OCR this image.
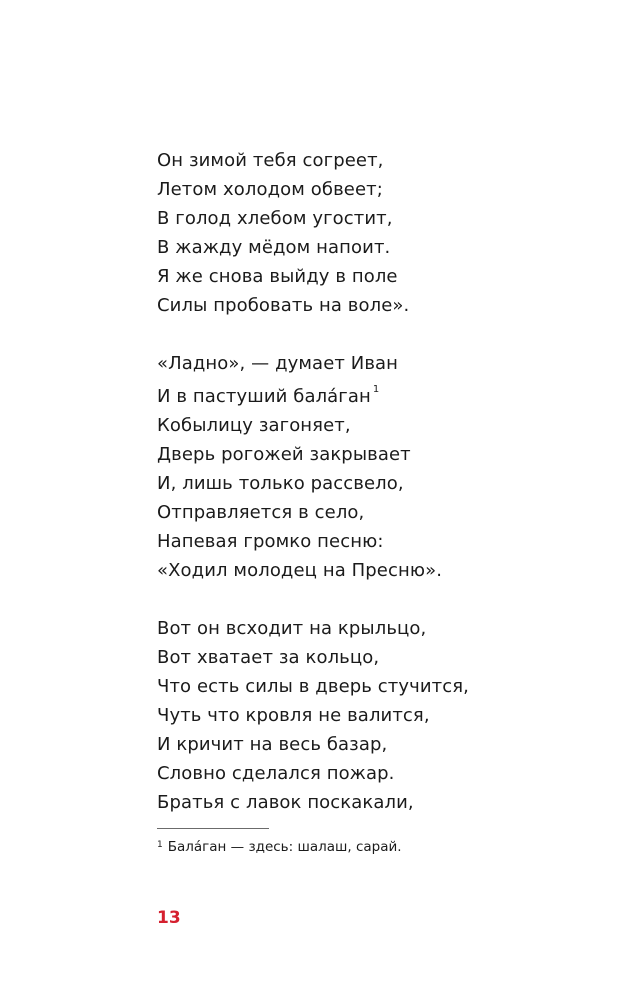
Он зимой тебя согреет,
Летом холодом обвеет;
В голод хлебом угостит,
В жажду мёдом напоит.
Я же снова выйду в поле
Силы пробовать на воле».
«Ладно», — думает Иван
И в пастуший бала́ган $^1$
Кобылицу загоняет,
Дверь рогожей закрывает
И, лишь только рассвело,
Отправляется в село,
Напевая громко песню:
«Ходил молодец на Пресню».
Вот он всходит на крыльцо,
Вот хватает за кольцо,
Что есть силы в дверь стучится,
Чуть что кровля не валится,
И кричит на весь базар,
Словно сделался пожар.
Братья с лавок поскакали,
$^1$ Бала́ган — здесь: шалаш, сарай.
13
